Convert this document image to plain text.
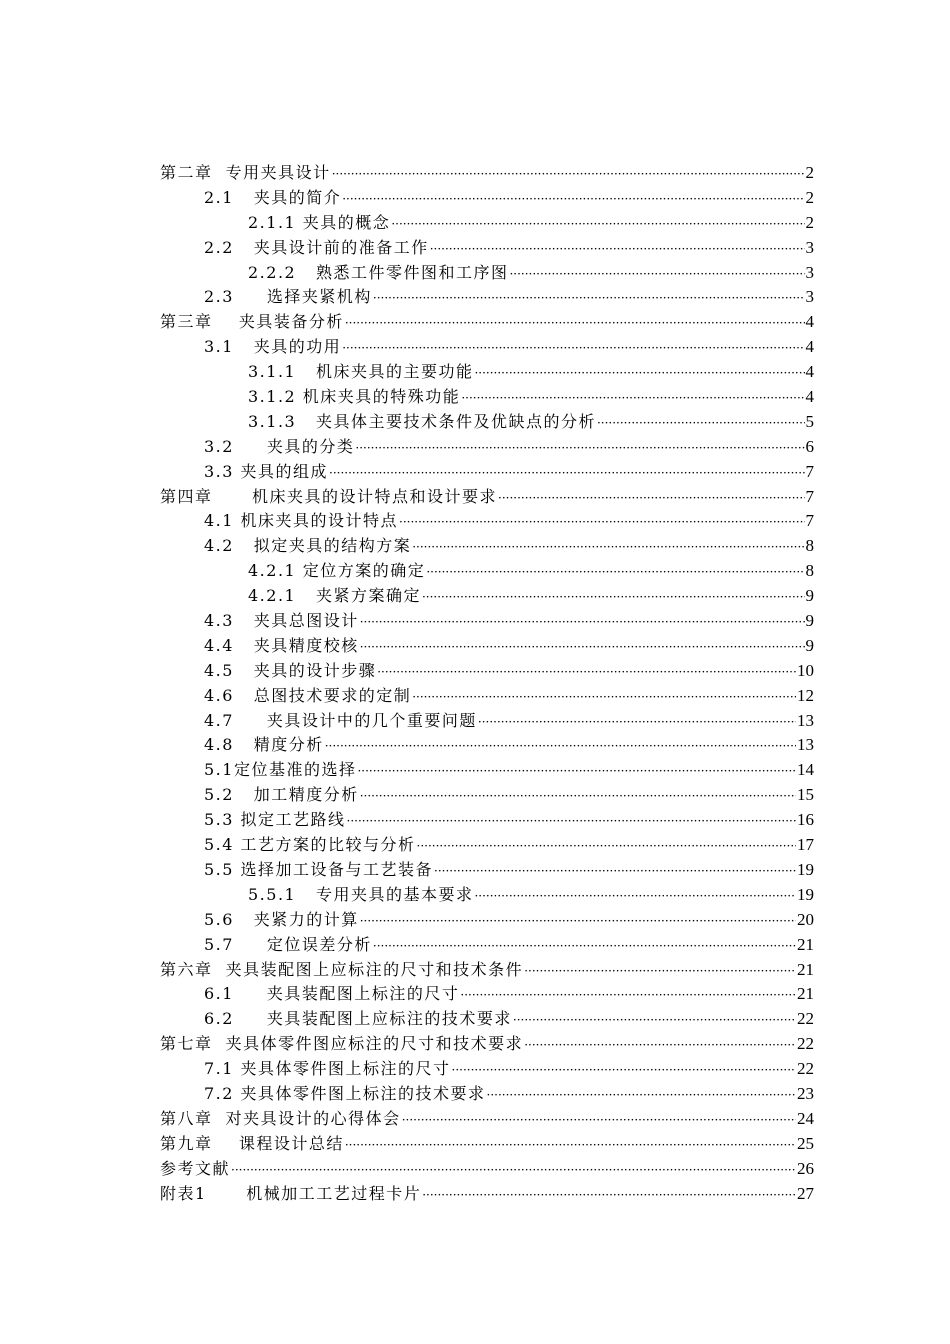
第二章  专用夹具设计 ·····	2
2.1   夹具的简介 ·····	2
2.1.1 夹具的概念 ·····	2
2.2   夹具设计前的准备工作 ·····	3
2.2.2   熟悉工件零件图和工序图 ·····	3
2.3     选择夹紧机构 ·····	3
第三章    夹具装备分析 ·····	4
3.1   夹具的功用 ·····	4
3.1.1   机床夹具的主要功能 ·····	4
3.1.2 机床夹具的特殊功能 ·····	4
3.1.3   夹具体主要技术条件及优缺点的分析 ·····	5
3.2     夹具的分类 ·····	6
3.3 夹具的组成 ·····	7
第四章      机床夹具的设计特点和设计要求 ·····	7
4.1 机床夹具的设计特点 ·····	7
4.2   拟定夹具的结构方案 ·····	8
4.2.1 定位方案的确定 ·····	8
4.2.1   夹紧方案确定 ·····	9
4.3   夹具总图设计 ·····	9
4.4   夹具精度校核 ·····	9
4.5   夹具的设计步骤 ·····	10
4.6   总图技术要求的定制 ·····	12
4.7     夹具设计中的几个重要问题 ·····	13
4.8   精度分析 ·····	13
5.1定位基准的选择 ·····	14
5.2   加工精度分析 ·····	15
5.3 拟定工艺路线 ·····	16
5.4 工艺方案的比较与分析 ·····	17
5.5 选择加工设备与工艺装备 ·····	19
5.5.1   专用夹具的基本要求 ·····	19
5.6   夹紧力的计算 ·····	20
5.7     定位误差分析 ·····	21
第六章  夹具装配图上应标注的尺寸和技术条件 ·····	21
6.1     夹具装配图上标注的尺寸 ·····	21
6.2     夹具装配图上应标注的技术要求 ·····	22
第七章  夹具体零件图应标注的尺寸和技术要求 ·····	22
7.1 夹具体零件图上标注的尺寸 ·····	22
7.2 夹具体零件图上标注的技术要求 ·····	23
第八章  对夹具设计的心得体会 ·····	24
第九章    课程设计总结 ·····	25
参考文献 ·····	26
附表1      机械加工工艺过程卡片 ·····	27
